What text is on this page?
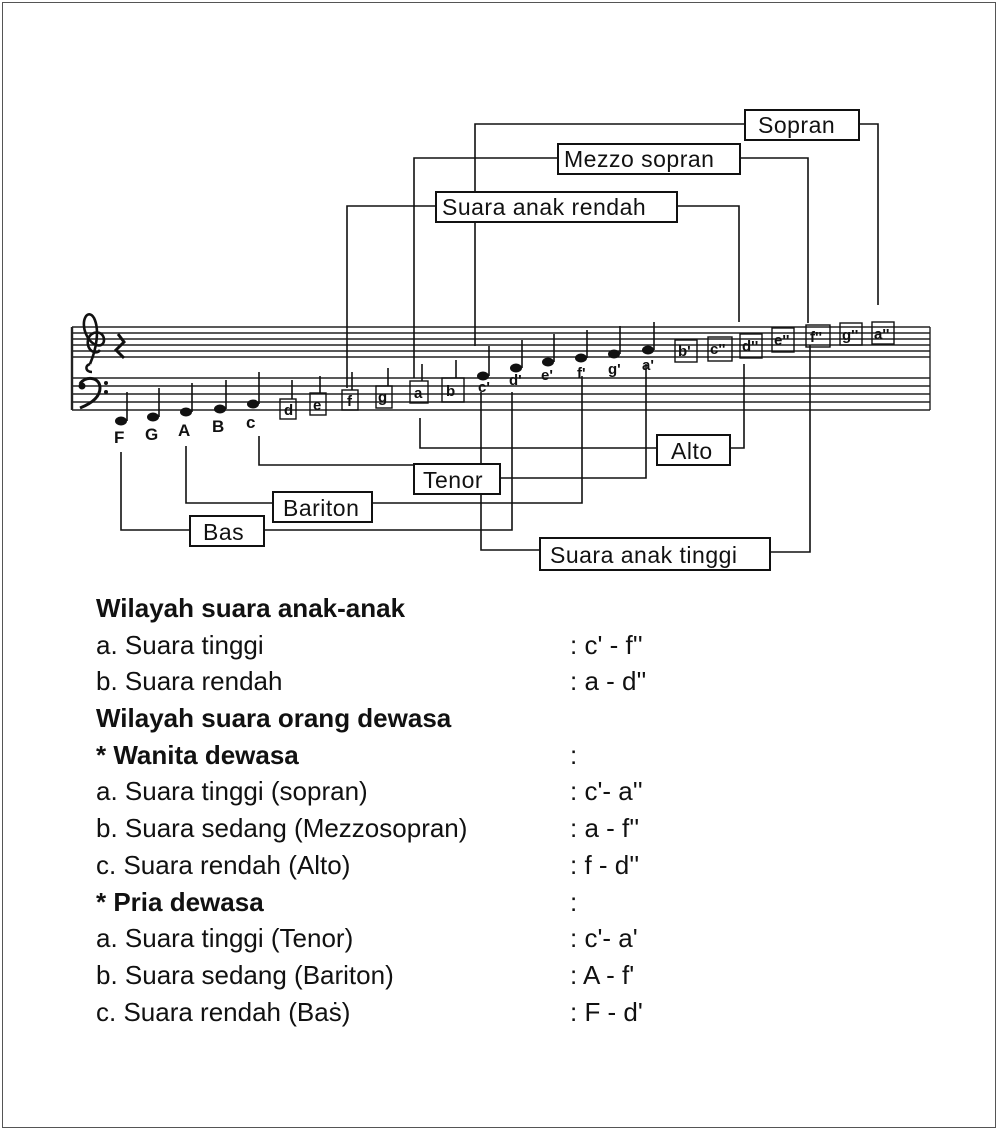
F G A B c
d e f g a b c' d' e' f' g' a'
b' c'' d'' e'' f'' g'' a''
Sopran
Mezzo sopran
Suara anak rendah
Alto
Tenor
Bariton
Bas
Suara anak tinggi
Wilayah suara anak-anak
a. Suara tinggi	: c' - f''
b. Suara rendah	: a - d''
Wilayah suara orang dewasa
* Wanita dewasa	:
a. Suara tinggi (sopran)	: c'- a''
b. Suara sedang (Mezzosopran)	: a - f''
c. Suara rendah (Alto)	: f - d''
* Pria dewasa	:
a. Suara tinggi (Tenor)	: c'- a'
b. Suara sedang (Bariton)	: A - f'
c. Suara rendah (Baṡ)	: F - d'
